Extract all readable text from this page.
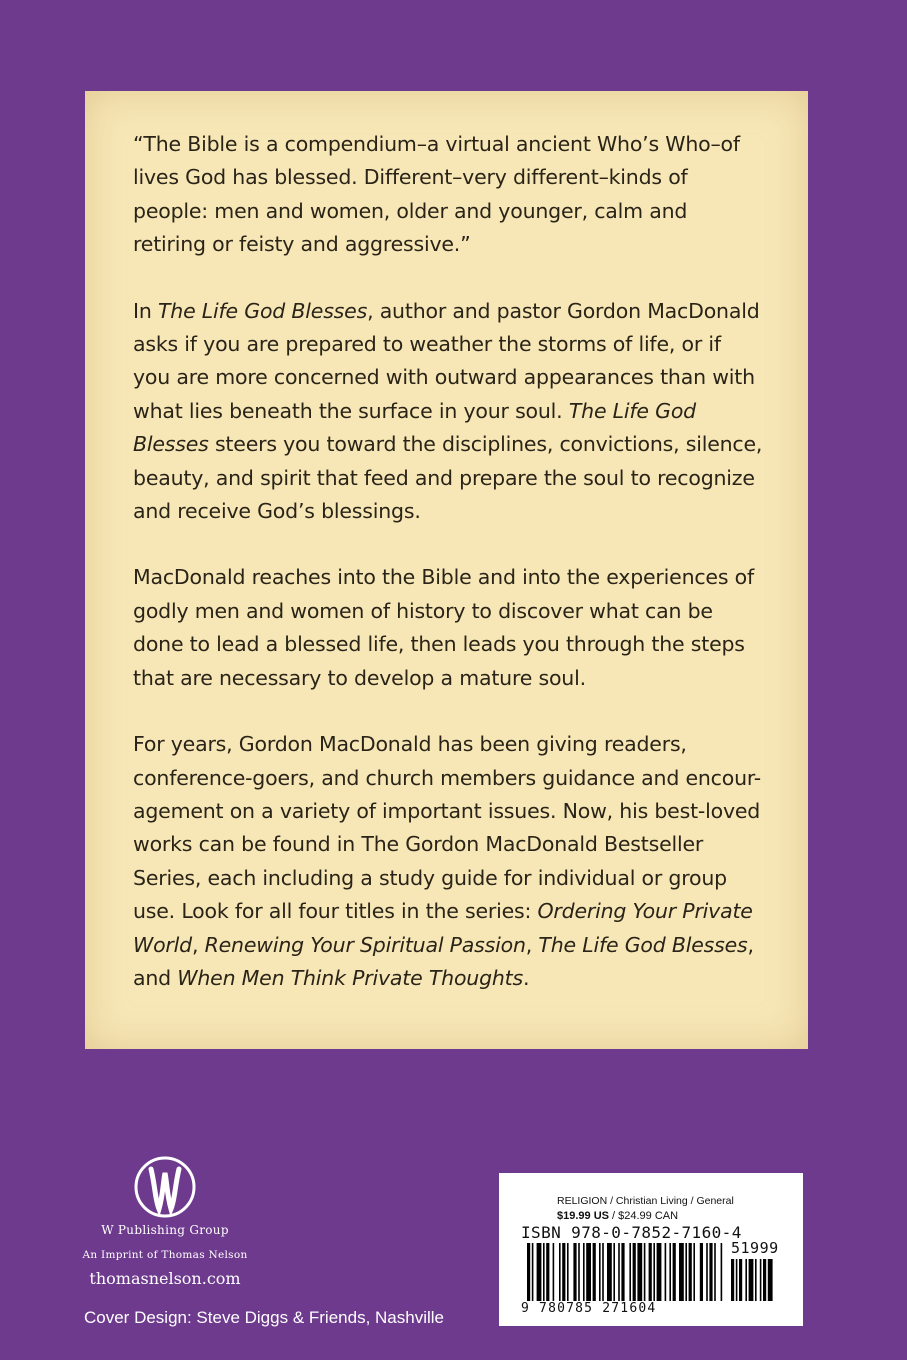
“The Bible is a compendium–a virtual ancient Who’s Who–of lives God has blessed. Different–very different–kinds of people: men and women, older and younger, calm and retiring or feisty and aggressive.”

In The Life God Blesses, author and pastor Gordon MacDonald asks if you are prepared to weather the storms of life, or if you are more concerned with outward appearances than with what lies beneath the surface in your soul. The Life God Blesses steers you toward the disciplines, convictions, silence, beauty, and spirit that feed and prepare the soul to recognize and receive God’s blessings.

MacDonald reaches into the Bible and into the experiences of godly men and women of history to discover what can be done to lead a blessed life, then leads you through the steps that are necessary to develop a mature soul.

For years, Gordon MacDonald has been giving readers, conference-goers, and church members guidance and encour-agement on a variety of important issues. Now, his best-loved works can be found in The Gordon MacDonald Bestseller Series, each including a study guide for individual or group use. Look for all four titles in the series: Ordering Your Private World, Renewing Your Spiritual Passion, The Life God Blesses, and When Men Think Private Thoughts.

W Publishing Group
An Imprint of Thomas Nelson
thomasnelson.com
Cover Design: Steve Diggs & Friends, Nashville
RELIGION / Christian Living / General
$19.99 US / $24.99 CAN
ISBN 978-0-7852-7160-4
51999
9 780785 271604
